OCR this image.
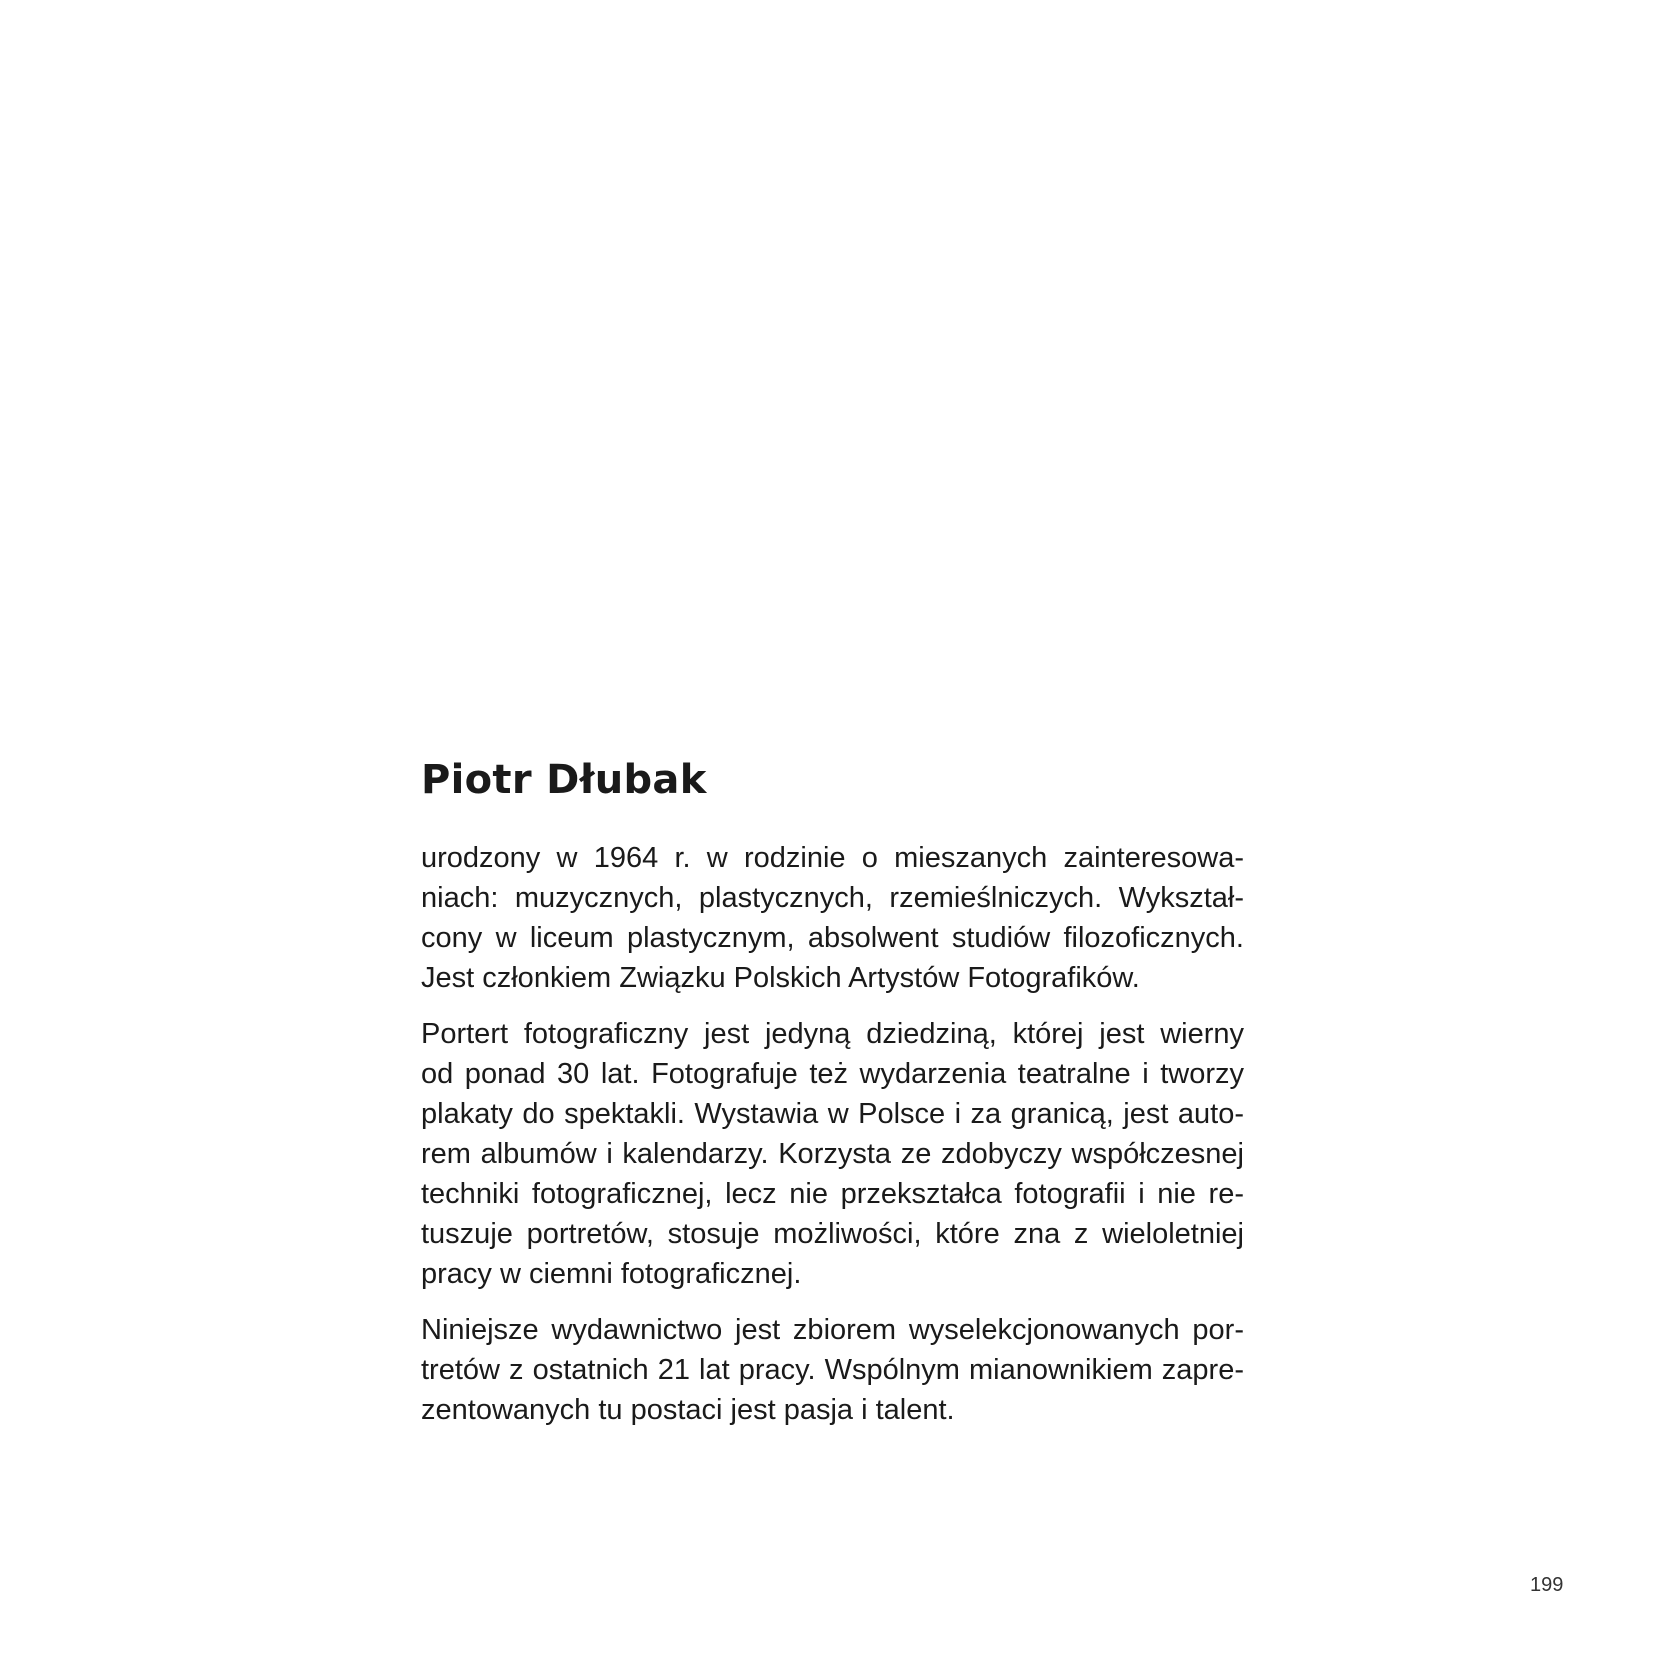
Piotr Dłubak

urodzony w 1964 r. w rodzinie o mieszanych zainteresowa-
niach: muzycznych, plastycznych, rzemieślniczych. Wykształ-
cony w liceum plastycznym, absolwent studiów filozoficznych.
Jest członkiem Związku Polskich Artystów Fotografików.

Portert fotograficzny jest jedyną dziedziną, której jest wierny
od ponad 30 lat. Fotografuje też wydarzenia teatralne i tworzy
plakaty do spektakli. Wystawia w Polsce i za granicą, jest auto-
rem albumów i kalendarzy. Korzysta ze zdobyczy współczesnej
techniki fotograficznej, lecz nie przekształca fotografii i nie re-
tuszuje portretów, stosuje możliwości, które zna z wieloletniej
pracy w ciemni fotograficznej.

Niniejsze wydawnictwo jest zbiorem wyselekcjonowanych por-
tretów z ostatnich 21 lat pracy. Wspólnym mianownikiem zapre-
zentowanych tu postaci jest pasja i talent.

199
